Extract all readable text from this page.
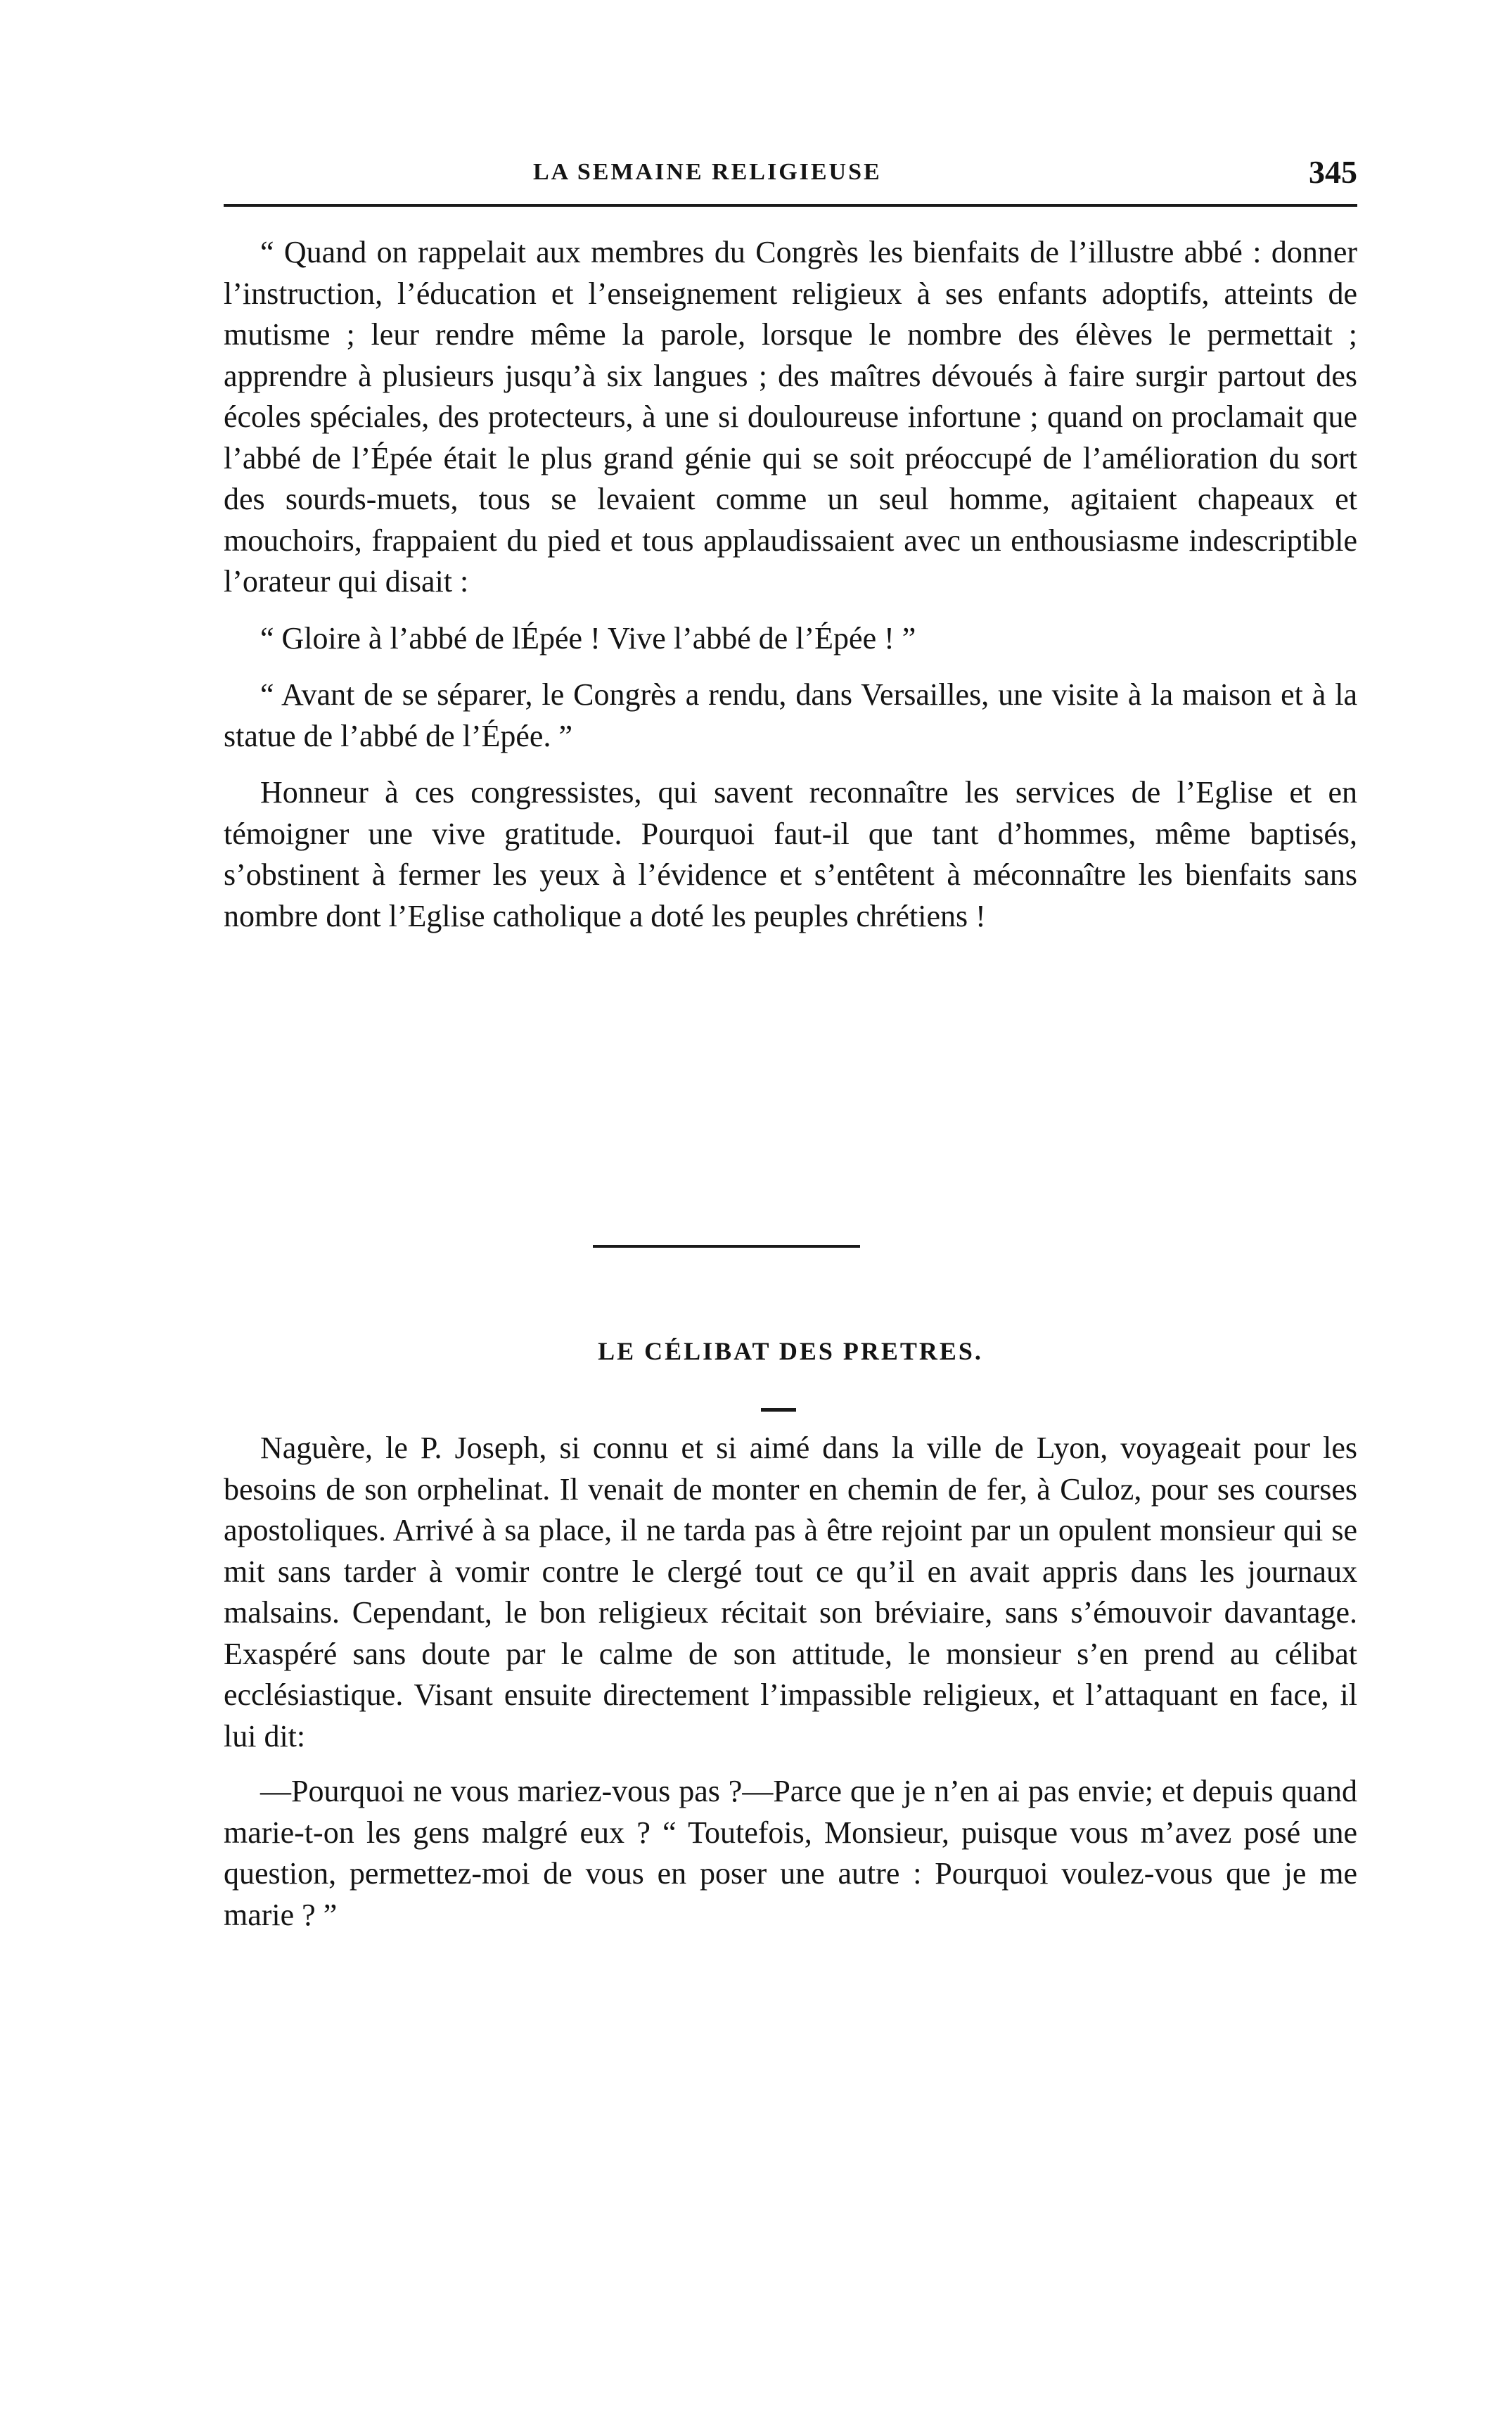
LA SEMAINE RELIGIEUSE	345

“ Quand on rappelait aux membres du Congrès les bienfaits de l’illustre abbé : donner l’instruction, l’éducation et l’enseignement religieux à ses enfants adoptifs, atteints de mutisme ; leur rendre même la parole, lorsque le nombre des élèves le permettait ; apprendre à plusieurs jusqu’à six langues ; des maîtres dévoués à faire surgir partout des écoles spéciales, des protecteurs, à une si douloureuse infortune ; quand on proclamait que l’abbé de l’Épée était le plus grand génie qui se soit préoccupé de l’amélioration du sort des sourds-muets, tous se levaient comme un seul homme, agitaient chapeaux et mouchoirs, frappaient du pied et tous applaudissaient avec un enthousiasme indescriptible l’orateur qui disait :

“ Gloire à l’abbé de lÉpée ! Vive l’abbé de l’Épée ! ”

“ Avant de se séparer, le Congrès a rendu, dans Versailles, une visite à la maison et à la statue de l’abbé de l’Épée. ”

Honneur à ces congressistes, qui savent reconnaître les services de l’Eglise et en témoigner une vive gratitude. Pourquoi faut-il que tant d’hommes, même baptisés, s’obstinent à fermer les yeux à l’évidence et s’entêtent à méconnaître les bienfaits sans nombre dont l’Eglise catholique a doté les peuples chrétiens !

LE CÉLIBAT DES PRETRES.

Naguère, le P. Joseph, si connu et si aimé dans la ville de Lyon, voyageait pour les besoins de son orphelinat. Il venait de monter en chemin de fer, à Culoz, pour ses courses apostoliques. Arrivé à sa place, il ne tarda pas à être rejoint par un opulent monsieur qui se mit sans tarder à vomir contre le clergé tout ce qu’il en avait appris dans les journaux malsains. Cependant, le bon religieux récitait son bréviaire, sans s’émouvoir davantage. Exaspéré sans doute par le calme de son attitude, le monsieur s’en prend au célibat ecclésiastique. Visant ensuite directement l’impassible religieux, et l’attaquant en face, il lui dit:

—Pourquoi ne vous mariez-vous pas ?—Parce que je n’en ai pas envie; et depuis quand marie-t-on les gens malgré eux ? “ Toutefois, Monsieur, puisque vous m’avez posé une question, permettez-moi de vous en poser une autre : Pourquoi voulez-vous que je me marie ? ”
